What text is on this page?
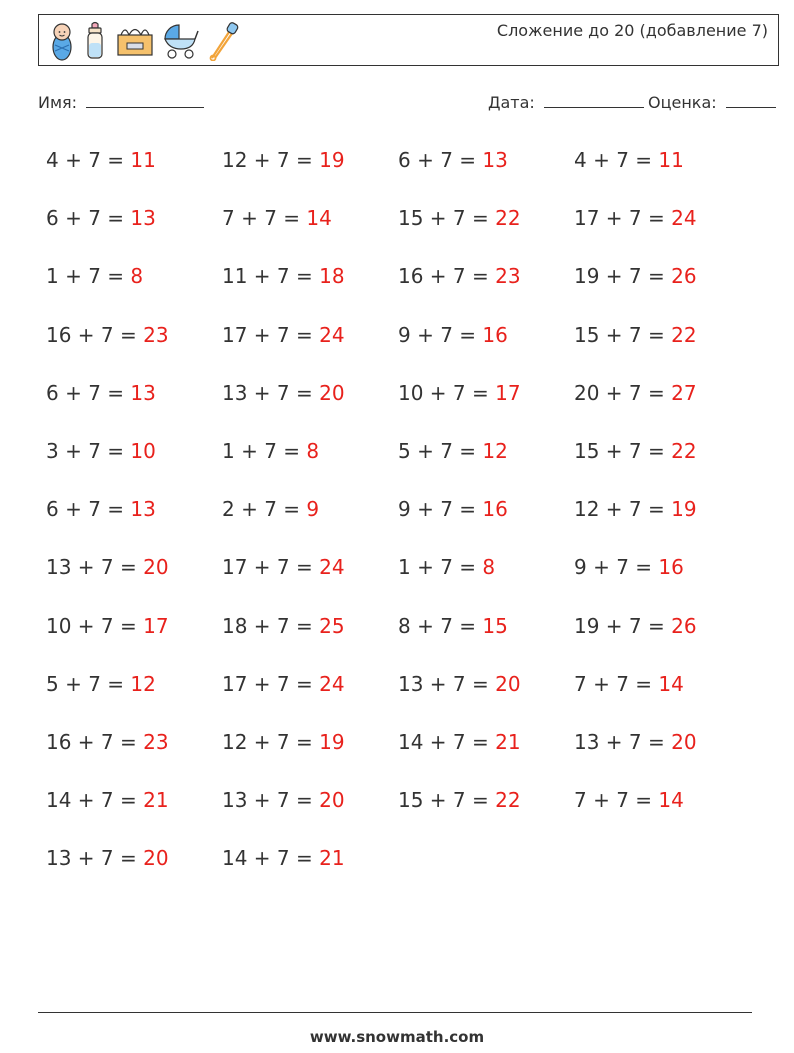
Сложение до 20 (добавление 7)
Имя:	Дата:	Оценка:
4 + 7 = 11	12 + 7 = 19	6 + 7 = 13	4 + 7 = 11
6 + 7 = 13	7 + 7 = 14	15 + 7 = 22	17 + 7 = 24
1 + 7 = 8	11 + 7 = 18	16 + 7 = 23	19 + 7 = 26
16 + 7 = 23	17 + 7 = 24	9 + 7 = 16	15 + 7 = 22
6 + 7 = 13	13 + 7 = 20	10 + 7 = 17	20 + 7 = 27
3 + 7 = 10	1 + 7 = 8	5 + 7 = 12	15 + 7 = 22
6 + 7 = 13	2 + 7 = 9	9 + 7 = 16	12 + 7 = 19
13 + 7 = 20	17 + 7 = 24	1 + 7 = 8	9 + 7 = 16
10 + 7 = 17	18 + 7 = 25	8 + 7 = 15	19 + 7 = 26
5 + 7 = 12	17 + 7 = 24	13 + 7 = 20	7 + 7 = 14
16 + 7 = 23	12 + 7 = 19	14 + 7 = 21	13 + 7 = 20
14 + 7 = 21	13 + 7 = 20	15 + 7 = 22	7 + 7 = 14
13 + 7 = 20	14 + 7 = 21
www.snowmath.com
